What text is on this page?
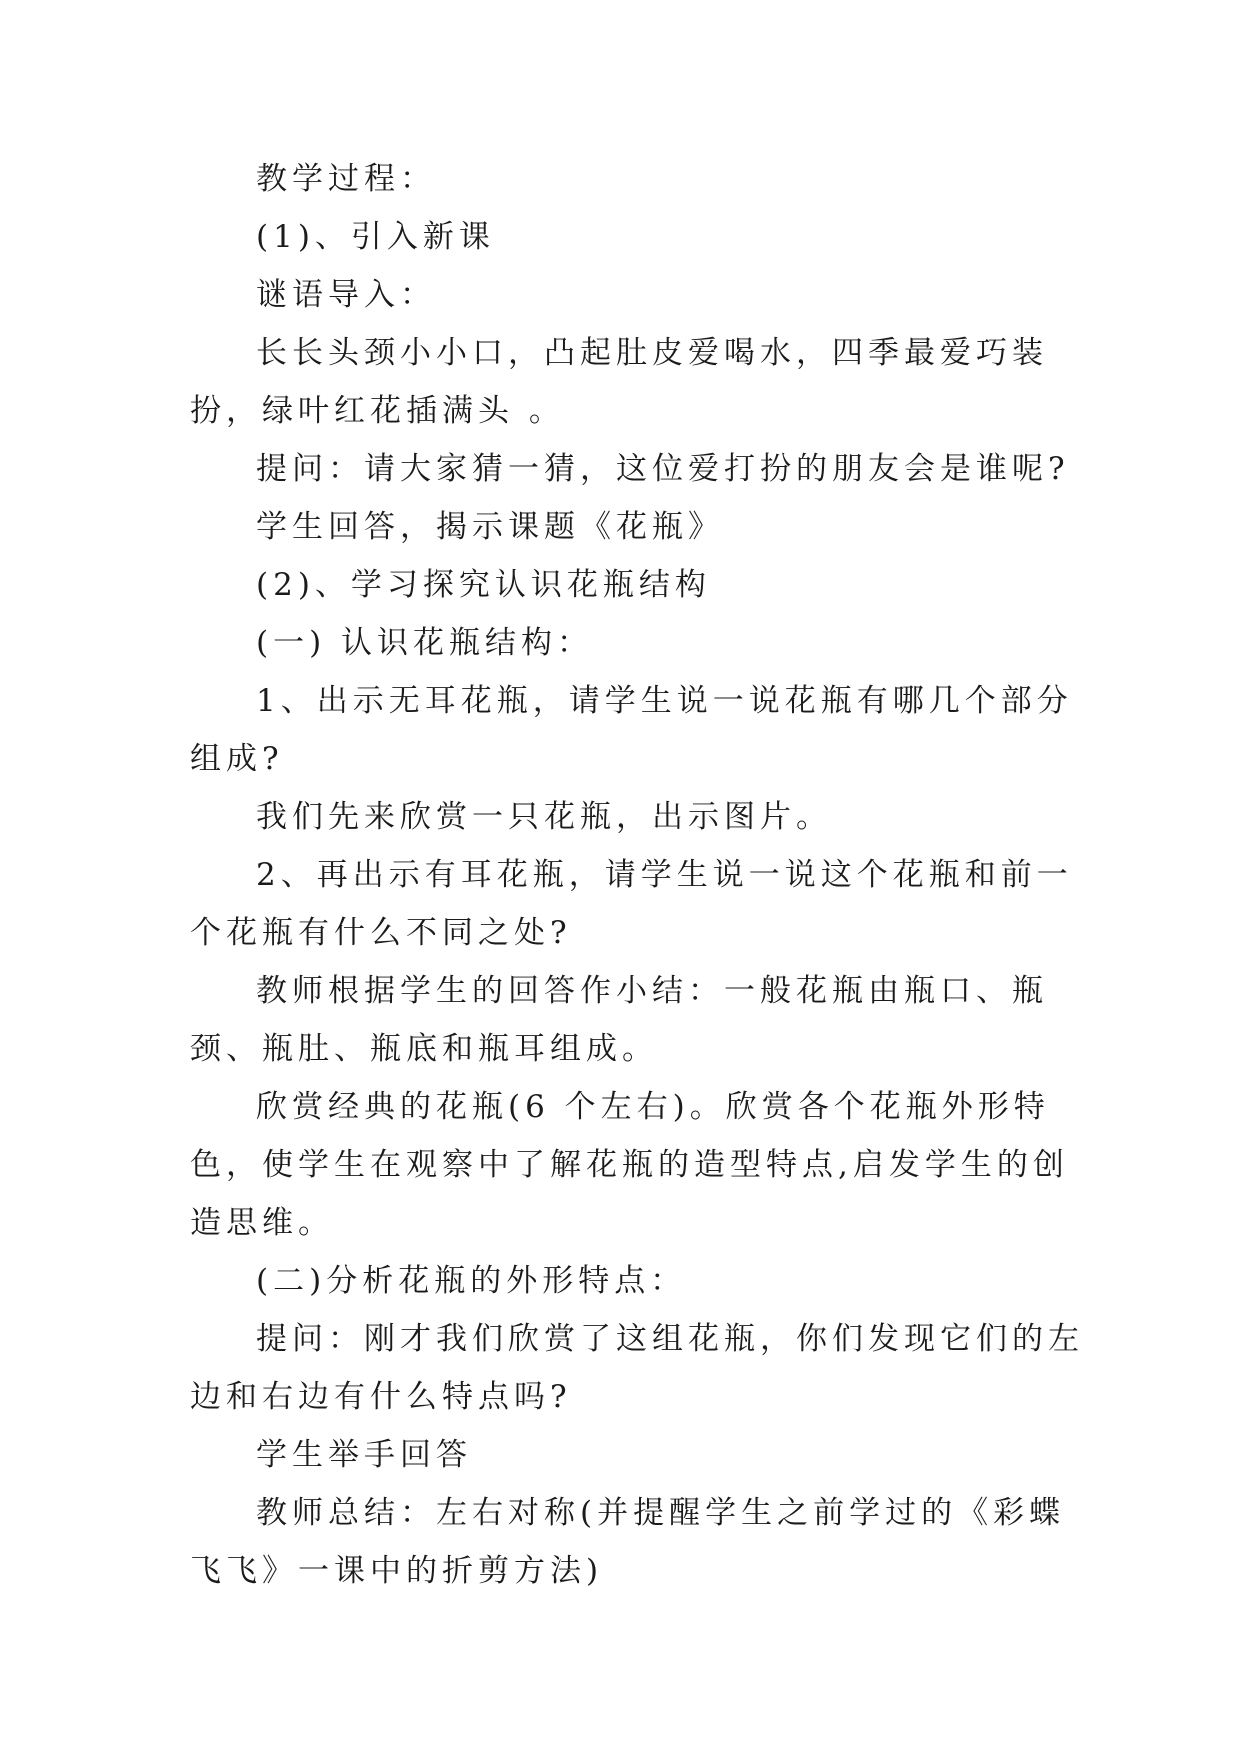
教学过程：

(1)、引入新课

谜语导入：

长长头颈小小口，凸起肚皮爱喝水，四季最爱巧装扮，绿叶红花插满头 。

提问：请大家猜一猜，这位爱打扮的朋友会是谁呢?

学生回答，揭示课题《花瓶》

(2)、学习探究认识花瓶结构

(一) 认识花瓶结构：

1、出示无耳花瓶，请学生说一说花瓶有哪几个部分组成?

我们先来欣赏一只花瓶，出示图片。

2、再出示有耳花瓶，请学生说一说这个花瓶和前一个花瓶有什么不同之处?

教师根据学生的回答作小结：一般花瓶由瓶口、瓶颈、瓶肚、瓶底和瓶耳组成。

欣赏经典的花瓶(6 个左右)。欣赏各个花瓶外形特色，使学生在观察中了解花瓶的造型特点,启发学生的创造思维。

(二)分析花瓶的外形特点：

提问：刚才我们欣赏了这组花瓶，你们发现它们的左边和右边有什么特点吗?

学生举手回答

教师总结：左右对称(并提醒学生之前学过的《彩蝶飞飞》一课中的折剪方法)
